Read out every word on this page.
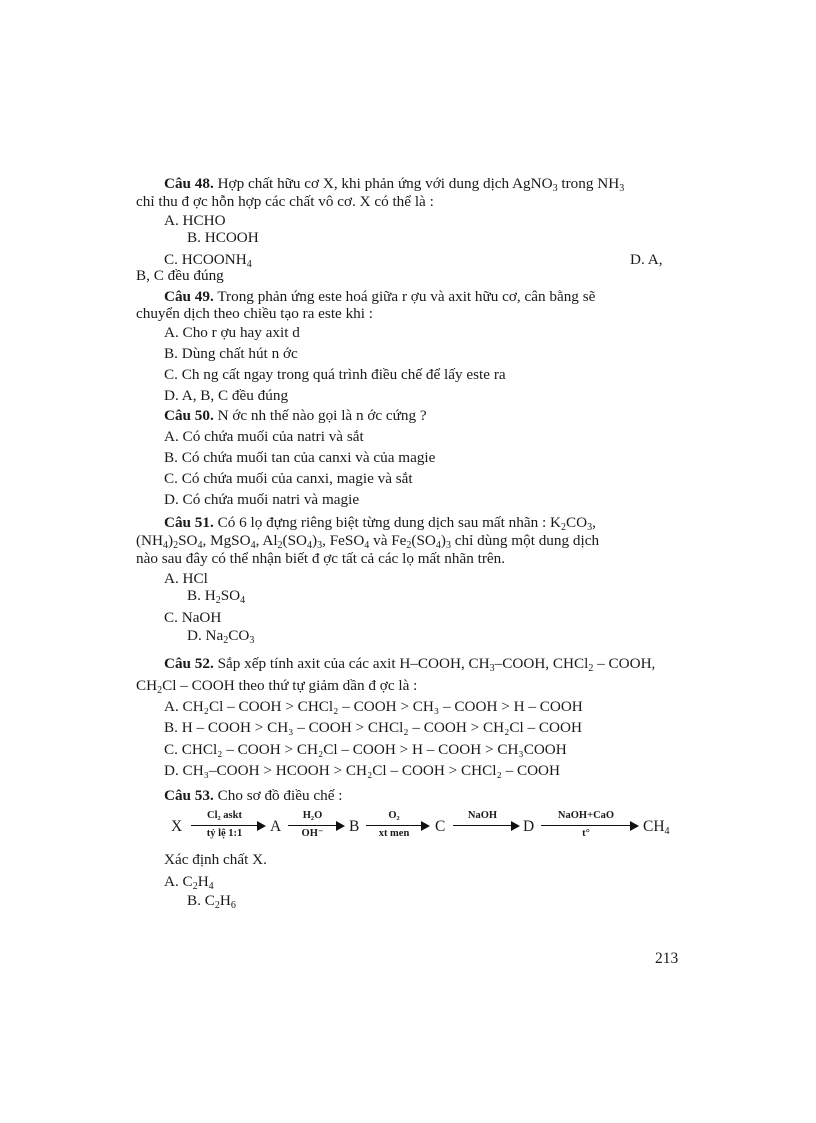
Câu 48. Hợp chất hữu cơ X, khi phản ứng với dung dịch AgNO$_3$ trong $NH_3$
chỉ thu đ ợc hỗn hợp các chất vô cơ. X có thể là :
A. HCHO
B. HCOOH
C. $HCOONH_4$	D. A,
B, C đều đúng
Câu 49. Trong phản ứng este hoá giữa r ợu và axit hữu cơ, cân bằng sẽ
chuyển dịch theo chiều tạo ra este khi :
A. Cho r ợu hay axit d
B. Dùng chất hút n ớc
C. Ch ng cất ngay trong quá trình điều chế để lấy este ra
D. A, B, C đều đúng
Câu 50. N ớc nh thế nào gọi là n ớc cứng ?
A. Có chứa muối của natri và sắt
B. Có chứa muối tan của canxi và của magie
C. Có chứa muối của canxi, magie và sắt
D. Có chứa muối natri và magie
Câu 51. Có 6 lọ đựng riêng biệt từng dung dịch sau mất nhãn : $K_2CO_3$,
$(NH_4)_2SO_4$, MgSO$_4$, $Al_2(SO_4)_3$, FeSO$_4$ và $Fe_2(SO_4)_3$ chỉ dùng một dung dịch
nào sau đây có thể nhận biết đ ợc tất cả các lọ mất nhãn trên.
A. HCl
B. $H_2SO_4$
C. NaOH
D. $Na_2CO_3$
Câu 52. Sắp xếp tính axit của các axit H–COOH, $CH_3$–COOH, CHCl$_2$ – COOH,
$CH_2Cl$ – COOH theo thứ tự giảm dần đ ợc là :
A. CH₂Cl – COOH > CHCl₂ – COOH > CH₃ – COOH > H – COOH
B. H – COOH > CH₃ – COOH > CHCl₂ – COOH > CH₂Cl – COOH
C. CHCl₂ – COOH > CH₂Cl – COOH > H – COOH > CH₃COOH
D. CH₃–COOH > HCOOH > CH₂Cl – COOH > CHCl₂ – COOH
Câu 53. Cho sơ đồ điều chế :
X
Cl₂ askt
tỷ lệ 1:1	A
H₂O
OH⁻	B
O₂
xt men	C
NaOH
D
NaOH+CaO
t°	$CH_4$
Xác định chất X.
A. $C_2H_4$
B. $C_2H_6$
213
